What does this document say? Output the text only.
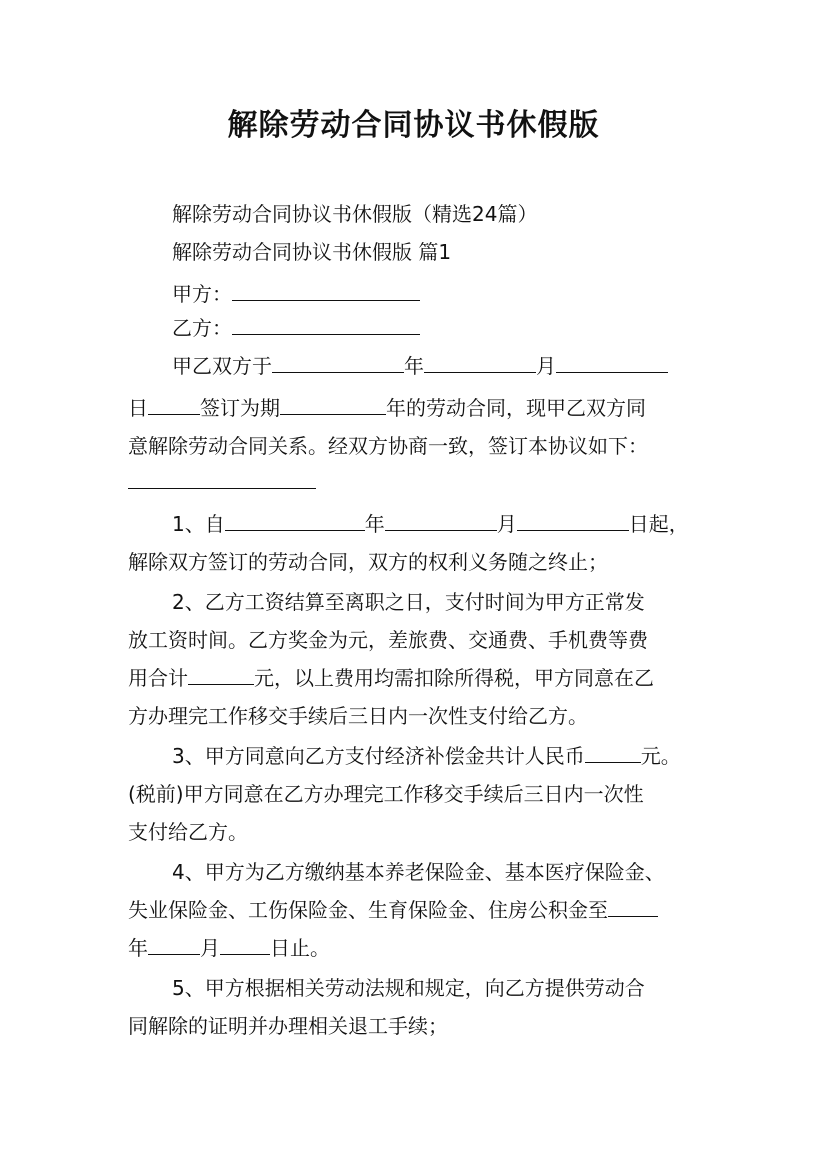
解除劳动合同协议书休假版
解除劳动合同协议书休假版（精选24篇）
解除劳动合同协议书休假版 篇1
甲方：
乙方：
甲乙双方于	年	月
日	签订为期	年的劳动合同，现甲乙双方同
意解除劳动合同关系。经双方协商一致，签订本协议如下：
1、自	年	月	日起，
解除双方签订的劳动合同，双方的权利义务随之终止；
2、乙方工资结算至离职之日，支付时间为甲方正常发
放工资时间。乙方奖金为元，差旅费、交通费、手机费等费
用合计	元，以上费用均需扣除所得税，甲方同意在乙
方办理完工作移交手续后三日内一次性支付给乙方。
3、甲方同意向乙方支付经济补偿金共计人民币	元。
(税前)甲方同意在乙方办理完工作移交手续后三日内一次性
支付给乙方。
4、甲方为乙方缴纳基本养老保险金、基本医疗保险金、
失业保险金、工伤保险金、生育保险金、住房公积金至
年	月	日止。
5、甲方根据相关劳动法规和规定，向乙方提供劳动合
同解除的证明并办理相关退工手续；
